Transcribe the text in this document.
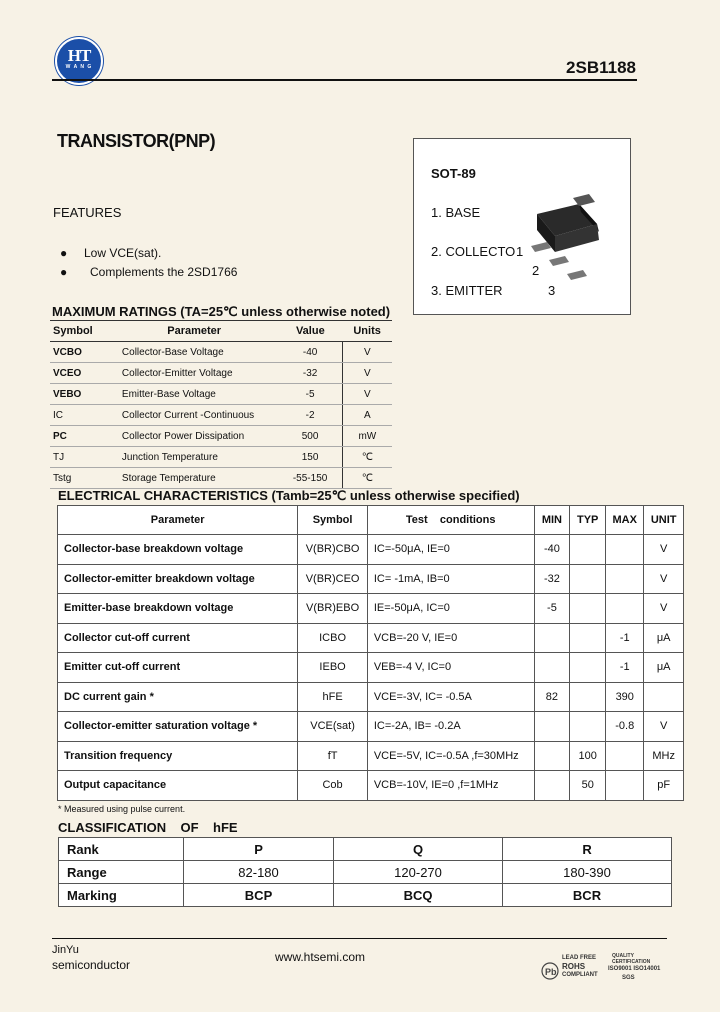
HT
W A N G	2SB1188
TRANSISTOR(PNP)
FEATURES
● Low VCE(sat).
● Complements the 2SD1766
SOT-89
1. BASE
2. COLLECTO
3. EMITTER
1
2
3
MAXIMUM RATINGS (TA=25℃ unless otherwise noted)
Symbol	Parameter	Value	Units
VCBO	Collector-Base Voltage	-40	V
VCEO	Collector-Emitter Voltage	-32	V
VEBO	Emitter-Base Voltage	-5	V
IC	Collector Current -Continuous	-2	A
PC	Collector Power Dissipation	500	mW
TJ	Junction Temperature	150	℃
Tstg	Storage Temperature	-55-150	℃
ELECTRICAL CHARACTERISTICS (Tamb=25℃ unless otherwise specified)
Parameter	Symbol	Test    conditions	MIN	TYP	MAX	UNIT
Collector-base breakdown voltage	V(BR)CBO	IC=-50μA, IE=0	-40			V
Collector-emitter breakdown voltage	V(BR)CEO	IC= -1mA, IB=0	-32			V
Emitter-base breakdown voltage	V(BR)EBO	IE=-50μA, IC=0	-5			V
Collector cut-off current	ICBO	VCB=-20 V, IE=0			-1	μA
Emitter cut-off current	IEBO	VEB=-4 V, IC=0			-1	μA
DC current gain *	hFE	VCE=-3V, IC= -0.5A	82		390	
Collector-emitter saturation voltage *	VCE(sat)	IC=-2A, IB= -0.2A			-0.8	V
Transition frequency	fT	VCE=-5V, IC=-0.5A ,f=30MHz		100		MHz
Output capacitance	Cob	VCB=-10V, IE=0 ,f=1MHz		50		pF
* Measured using pulse current.
CLASSIFICATION    OF    hFE
Rank	P	Q	R
Range	82-180	120-270	180-390
Marking	BCP	BCQ	BCR
JinYu
semiconductor
www.htsemi.com
Pb
LEAD FREE
ROHS
COMPLIANT
QUALITY CERTIFICATION
ISO9001 ISO14001
SGS
